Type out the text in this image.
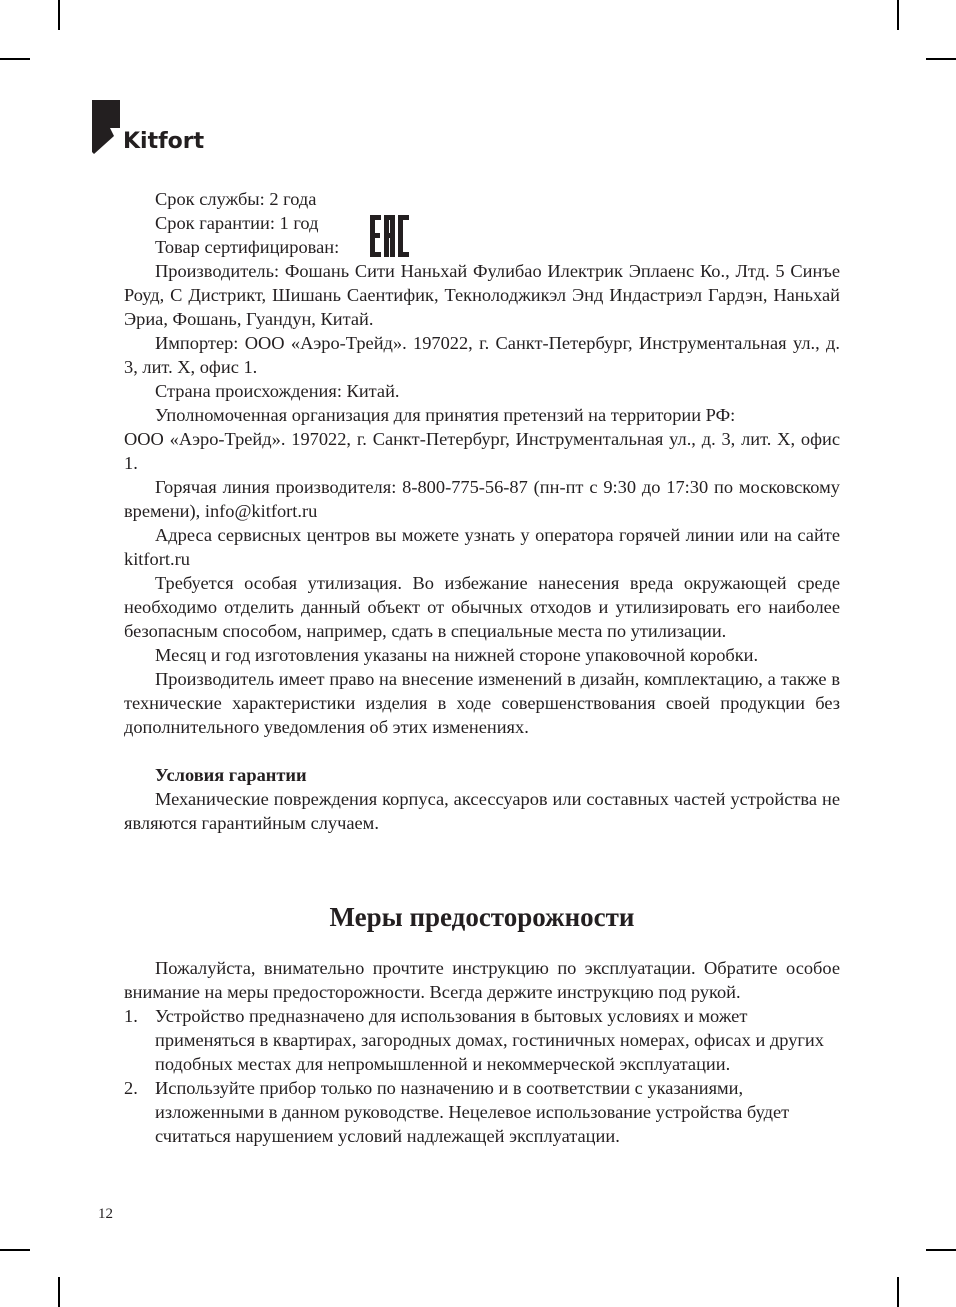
Kitfort

Срок службы: 2 года

Срок гарантии: 1 год

Товар сертифицирован:

Производитель: Фошань Сити Наньхай Фулибао Илектрик Эплаенс Ко., Лтд. 5 Синъе Роуд, С Дистрикт, Шишань Саентифик, Текнолоджикэл Энд Индастриэл Гардэн, Наньхай Эриа, Фошань, Гуандун, Китай.

Импортер: ООО «Аэро-Трейд». 197022, г. Санкт-Петербург, Инструментальная ул., д. 3, лит. Х, офис 1.

Страна происхождения: Китай.

Уполномоченная организация для принятия претензий на территории РФ:

ООО «Аэро-Трейд». 197022, г. Санкт-Петербург, Инструментальная ул., д. 3, лит. Х, офис 1.

Горячая линия производителя: 8-800-775-56-87 (пн-пт с 9:30 до 17:30 по московскому времени), info@kitfort.ru

Адреса сервисных центров вы можете узнать у оператора горячей линии или на сайте kitfort.ru

Требуется особая утилизация. Во избежание нанесения вреда окружающей среде необходимо отделить данный объект от обычных отходов и утилизировать его наиболее безопасным способом, например, сдать в специальные места по утилизации.

Месяц и год изготовления указаны на нижней стороне упаковочной коробки.

Производитель имеет право на внесение изменений в дизайн, комплектацию, а также в технические характеристики изделия в ходе совершенствования своей продукции без дополнительного уведомления об этих изменениях.

Условия гарантии

Механические повреждения корпуса, аксессуаров или составных частей устройства не являются гарантийным случаем.

Меры предосторожности

Пожалуйста, внимательно прочтите инструкцию по эксплуатации. Обратите особое внимание на меры предосторожности. Всегда держите инструкцию под рукой.

1. Устройство предназначено для использования в бытовых условиях и может применяться в квартирах, загородных домах, гостиничных номерах, офисах и других подобных местах для непромышленной и некоммерческой эксплуатации.
2. Используйте прибор только по назначению и в соответствии с указаниями, изложенными в данном руководстве. Нецелевое использование устройства будет считаться нарушением условий надлежащей эксплуатации.
12
